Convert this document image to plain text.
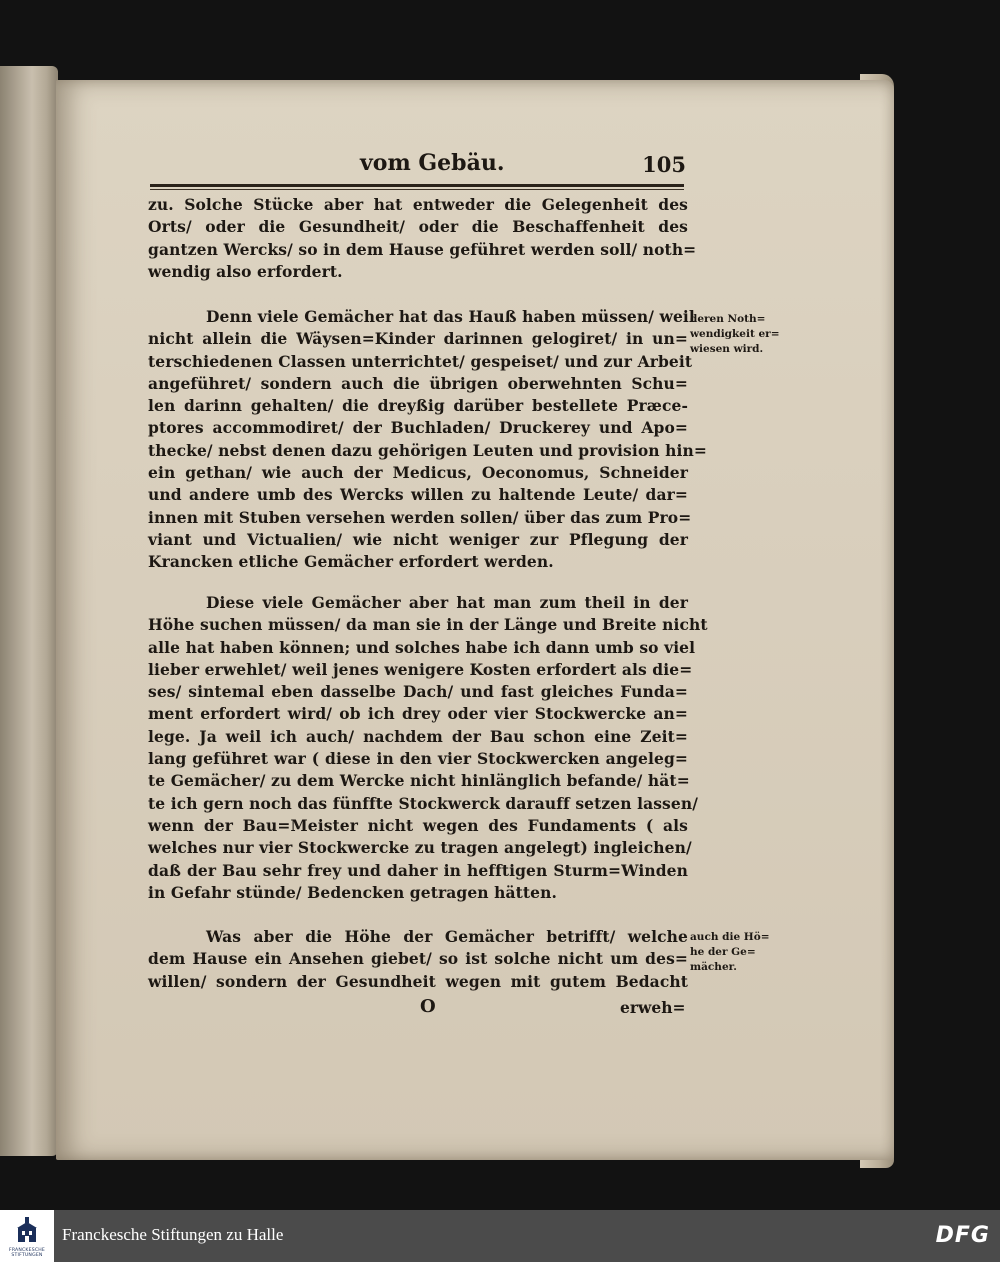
vom Gebäu.	105
zu. Solche Stücke aber hat entweder die Gelegenheit des
Orts/ oder die Gesundheit/ oder die Beschaffenheit des
gantzen Wercks/ so in dem Hause geführet werden soll/ noth=
wendig also erfordert.
Denn viele Gemächer hat das Hauß haben müssen/ weil
nicht allein die Wäysen=Kinder darinnen gelogiret/ in un=
terschiedenen Classen unterrichtet/ gespeiset/ und zur Arbeit
angeführet/ sondern auch die übrigen oberwehnten Schu=
len darinn gehalten/ die dreyßig darüber bestellete Præce-
ptores accommodiret/ der Buchladen/ Druckerey und Apo=
thecke/ nebst denen dazu gehörigen Leuten und provision hin=
ein gethan/ wie auch der Medicus, Oeconomus, Schneider
und andere umb des Wercks willen zu haltende Leute/ dar=
innen mit Stuben versehen werden sollen/ über das zum Pro=
viant und Victualien/ wie nicht weniger zur Pflegung der
Krancken etliche Gemächer erfordert werden.
deren Noth=
wendigkeit er=
wiesen wird.
Diese viele Gemächer aber hat man zum theil in der
Höhe suchen müssen/ da man sie in der Länge und Breite nicht
alle hat haben können; und solches habe ich dann umb so viel
lieber erwehlet/ weil jenes wenigere Kosten erfordert als die=
ses/ sintemal eben dasselbe Dach/ und fast gleiches Funda=
ment erfordert wird/ ob ich drey oder vier Stockwercke an=
lege. Ja weil ich auch/ nachdem der Bau schon eine Zeit=
lang geführet war ( diese in den vier Stockwercken angeleg=
te Gemächer/ zu dem Wercke nicht hinlänglich befande/ hät=
te ich gern noch das fünffte Stockwerck darauff setzen lassen/
wenn der Bau=Meister nicht wegen des Fundaments ( als
welches nur vier Stockwercke zu tragen angelegt) ingleichen/
daß der Bau sehr frey und daher in hefftigen Sturm=Winden
in Gefahr stünde/ Bedencken getragen hätten.
Was aber die Höhe der Gemächer betrifft/ welche
dem Hause ein Ansehen giebet/ so ist solche nicht um des=
willen/ sondern der Gesundheit wegen mit gutem Bedacht
auch die Hö=
he der Ge=
mächer.
O	erweh=
FRANCKESCHE STIFTUNGEN
Franckesche Stiftungen zu Halle	DFG
